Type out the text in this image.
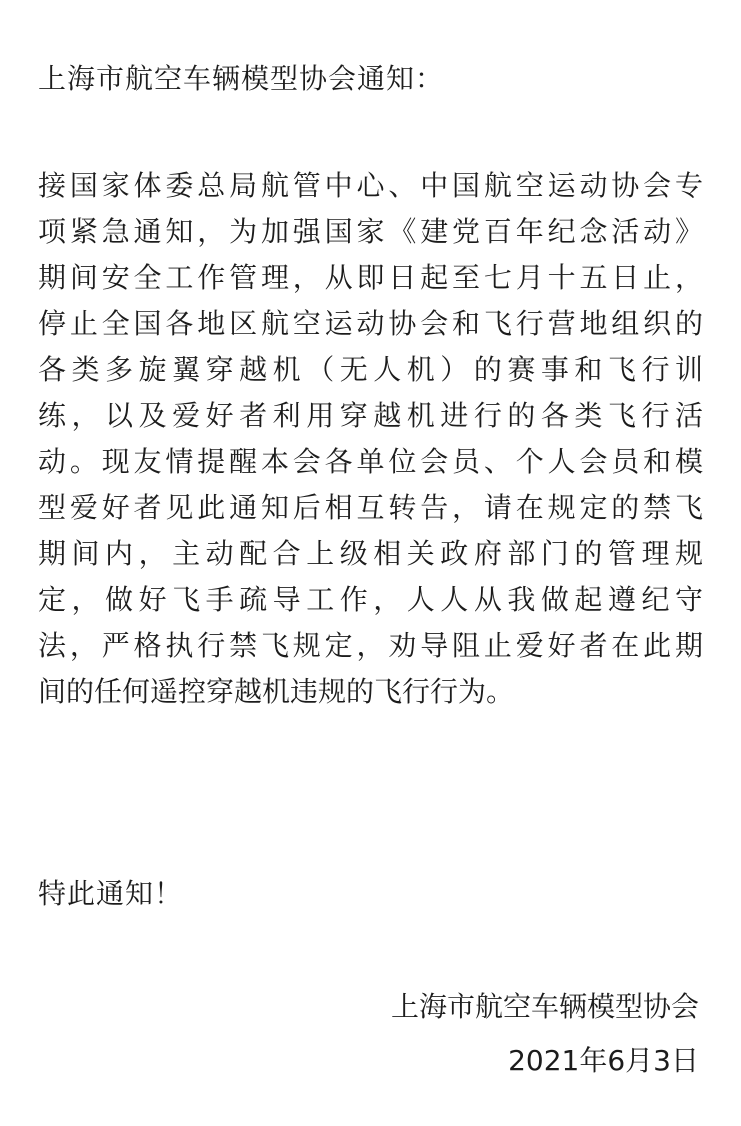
上海市航空车辆模型协会通知：
接国家体委总局航管中心、中国航空运动协会专
项紧急通知，为加强国家《建党百年纪念活动》
期间安全工作管理，从即日起至七月十五日止，
停止全国各地区航空运动协会和飞行营地组织的
各类多旋翼穿越机（无人机）的赛事和飞行训
练，以及爱好者利用穿越机进行的各类飞行活
动。现友情提醒本会各单位会员、个人会员和模
型爱好者见此通知后相互转告，请在规定的禁飞
期间内，主动配合上级相关政府部门的管理规
定，做好飞手疏导工作，人人从我做起遵纪守
法，严格执行禁飞规定，劝导阻止爱好者在此期
间的任何遥控穿越机违规的飞行行为。

特此通知！

上海市航空车辆模型协会
2021年6月3日
